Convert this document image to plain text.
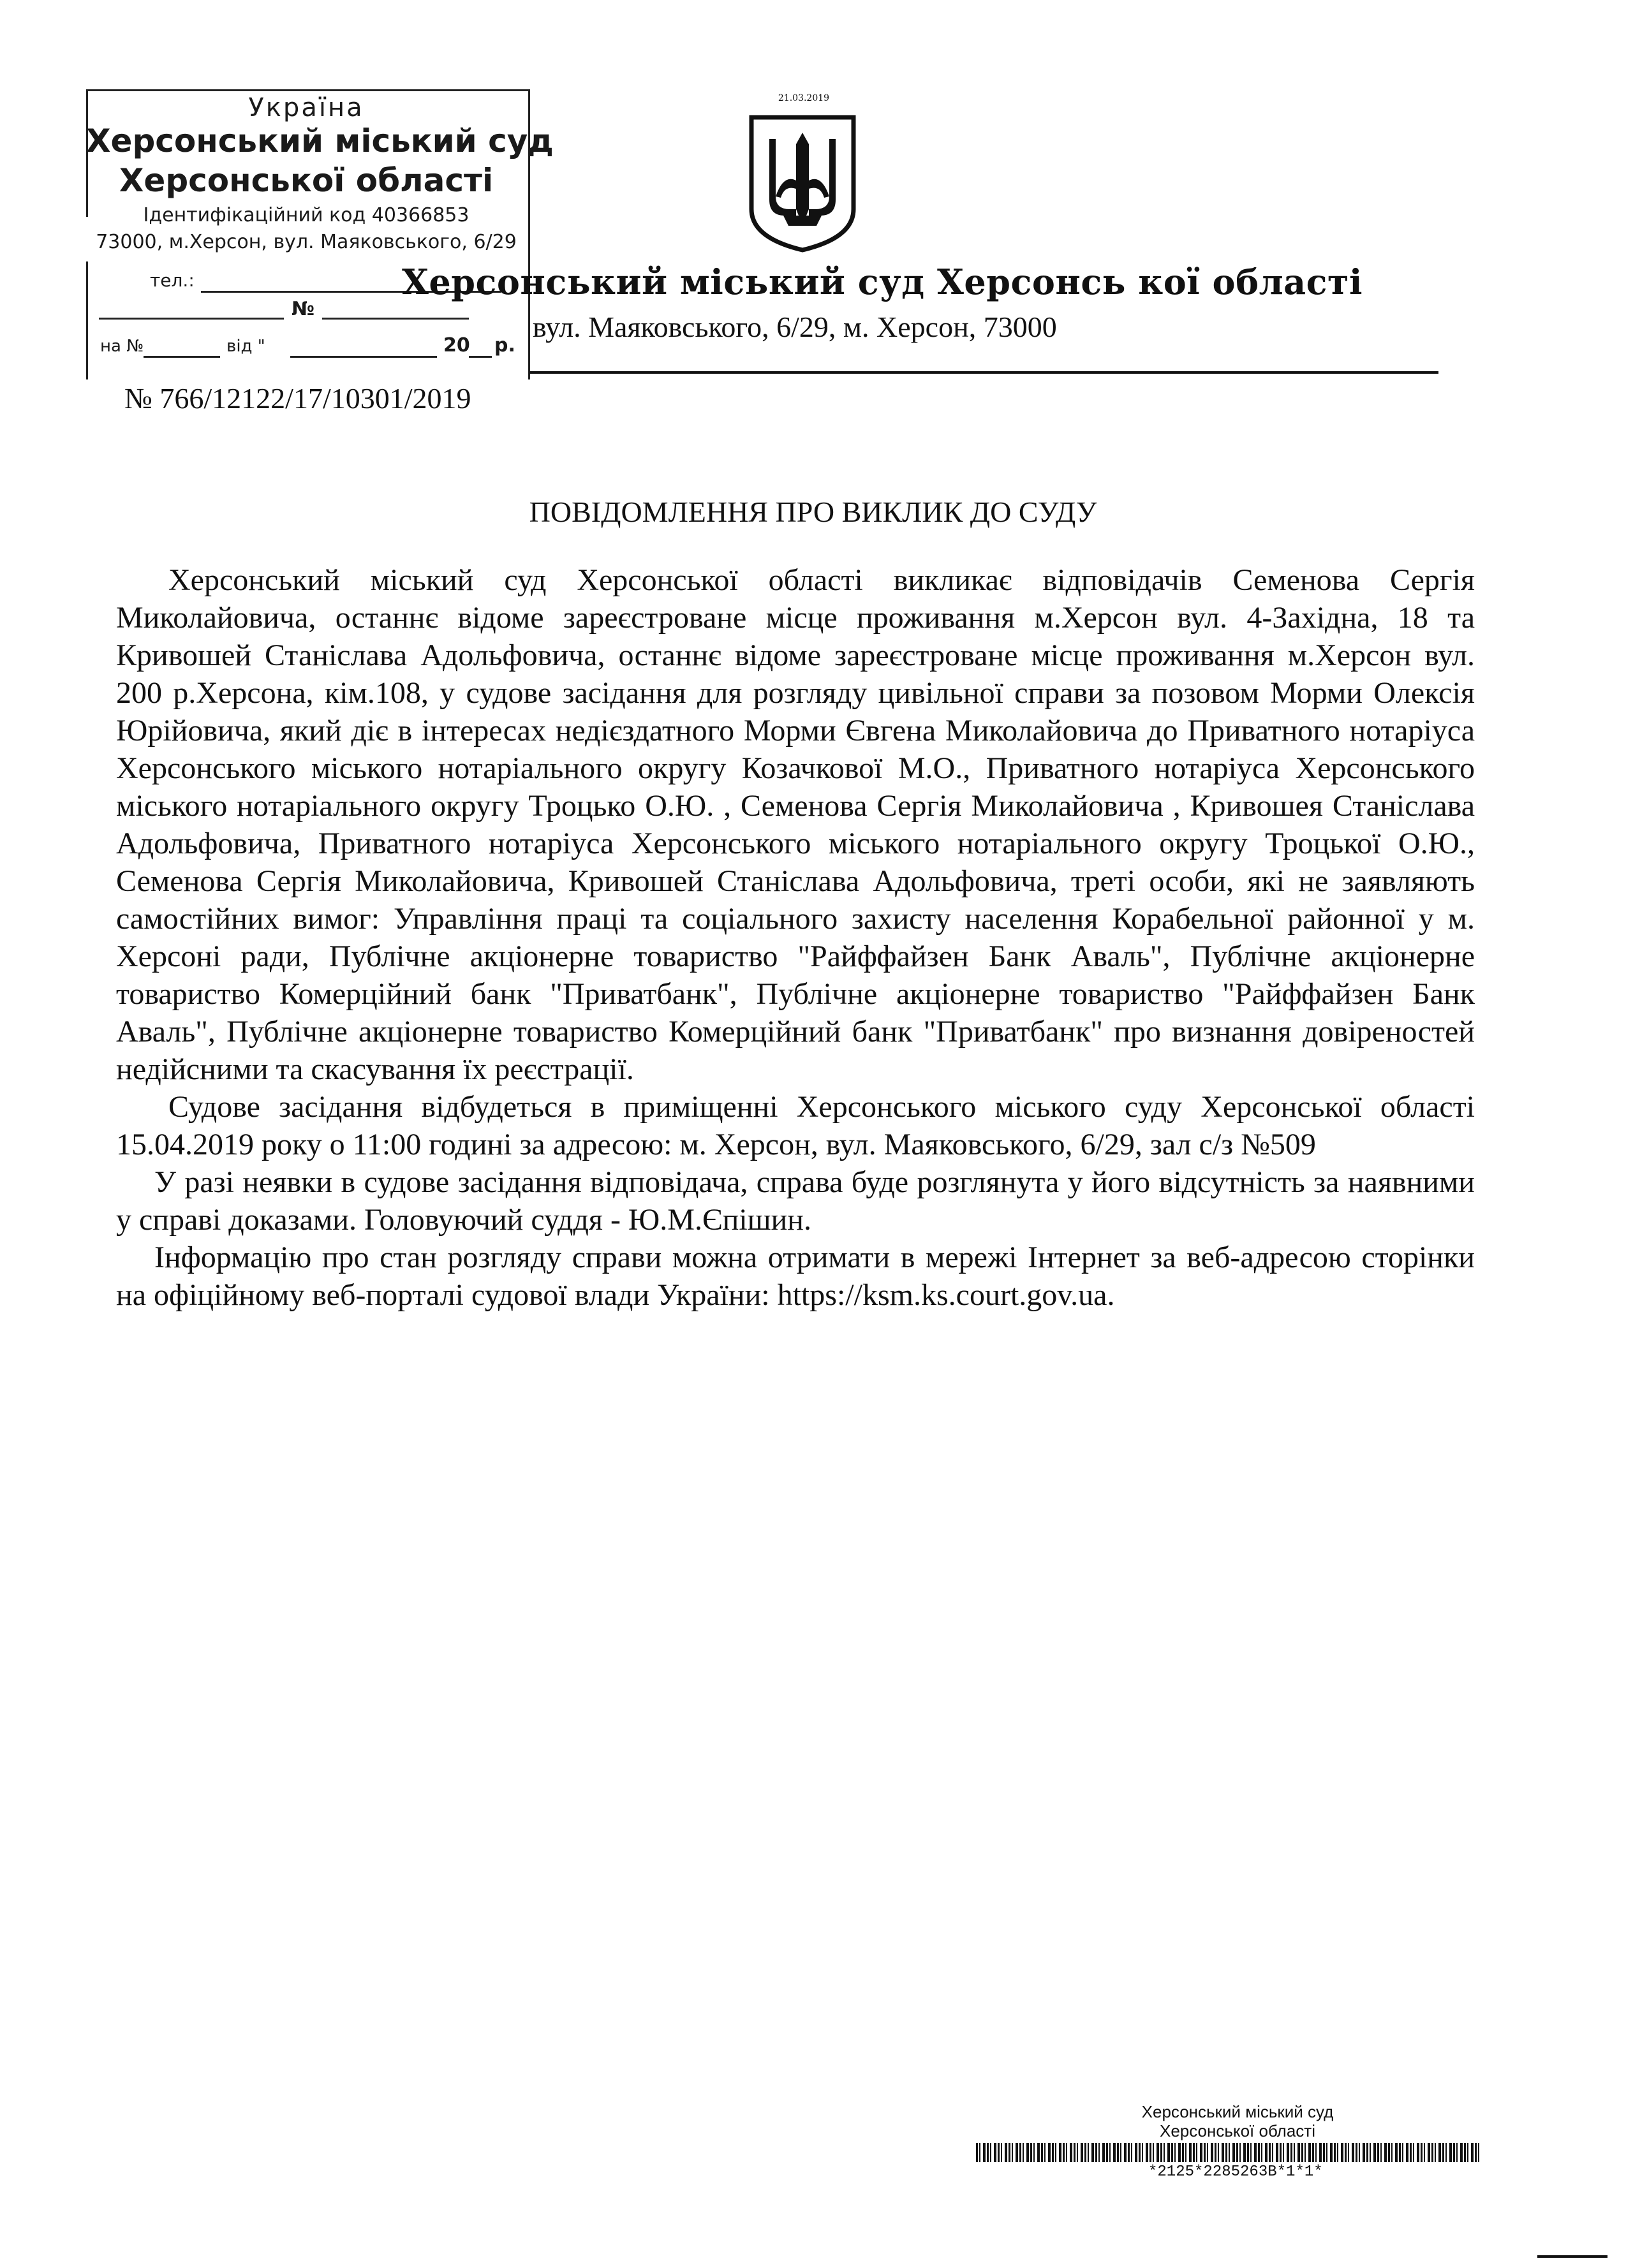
Україна
Херсонський міський суд
Херсонської області
Ідентифікаційний код 40366853
73000, м.Херсон, вул. Маяковського, 6/29
тел.:
№
на №	від "	20 р.
21.03.2019
Херсонський міський суд Херсонсь кої області
вул. Маяковського, 6/29, м. Херсон, 73000
№ 766/12122/17/10301/2019
ПОВІДОМЛЕННЯ ПРО ВИКЛИК ДО СУДУ

Херсонський міський суд Херсонської області викликає відповідачів Семенова Сергія Миколайовича, останнє відоме зареєстроване місце проживання м.Херсон вул. 4-Західна, 18 та Кривошей Станіслава Адольфовича, останнє відоме зареєстроване місце проживання м.Херсон вул. 200 р.Херсона, кім.108, у судове засідання для розгляду цивільної справи за позовом Морми Олексія Юрійовича, який діє в інтересах недієздатного Морми Євгена Миколайовича до Приватного нотаріуса Херсонського міського нотаріального округу Козачкової М.О., Приватного нотаріуса Херсонського міського нотаріального округу Троцько О.Ю. , Семенова Сергія Миколайовича , Кривошея Станіслава Адольфовича, Приватного нотаріуса Херсонського міського нотаріального округу Троцької О.Ю., Семенова Сергія Миколайовича, Кривошей Станіслава Адольфовича, треті особи, які не заявляють самостійних вимог: Управління праці та соціального захисту населення Корабельної районної у м. Херсоні ради, Публічне акціонерне товариство "Райффайзен Банк Аваль", Публічне акціонерне товариство Комерційний банк "Приватбанк", Публічне акціонерне товариство "Райффайзен Банк Аваль", Публічне акціонерне товариство Комерційний банк "Приватбанк" про визнання довіреностей недійсними та скасування їх реєстрації.

Судове засідання відбудеться в приміщенні Херсонського міського суду Херсонської області 15.04.2019 року о 11:00 годині за адресою: м. Херсон, вул. Маяковського, 6/29, зал с/з №509

У разі неявки в судове засідання відповідача, справа буде розглянута у його відсутність за наявними у справі доказами. Головуючий суддя - Ю.М.Єпішин.

Інформацію про стан розгляду справи можна отримати в мережі Інтернет за веб-адресою сторінки на офіційному веб-порталі судової влади України: https://ksm.ks.court.gov.ua.

Херсонський міський суд
Херсонської області
*2125*2285263В*1*1*
